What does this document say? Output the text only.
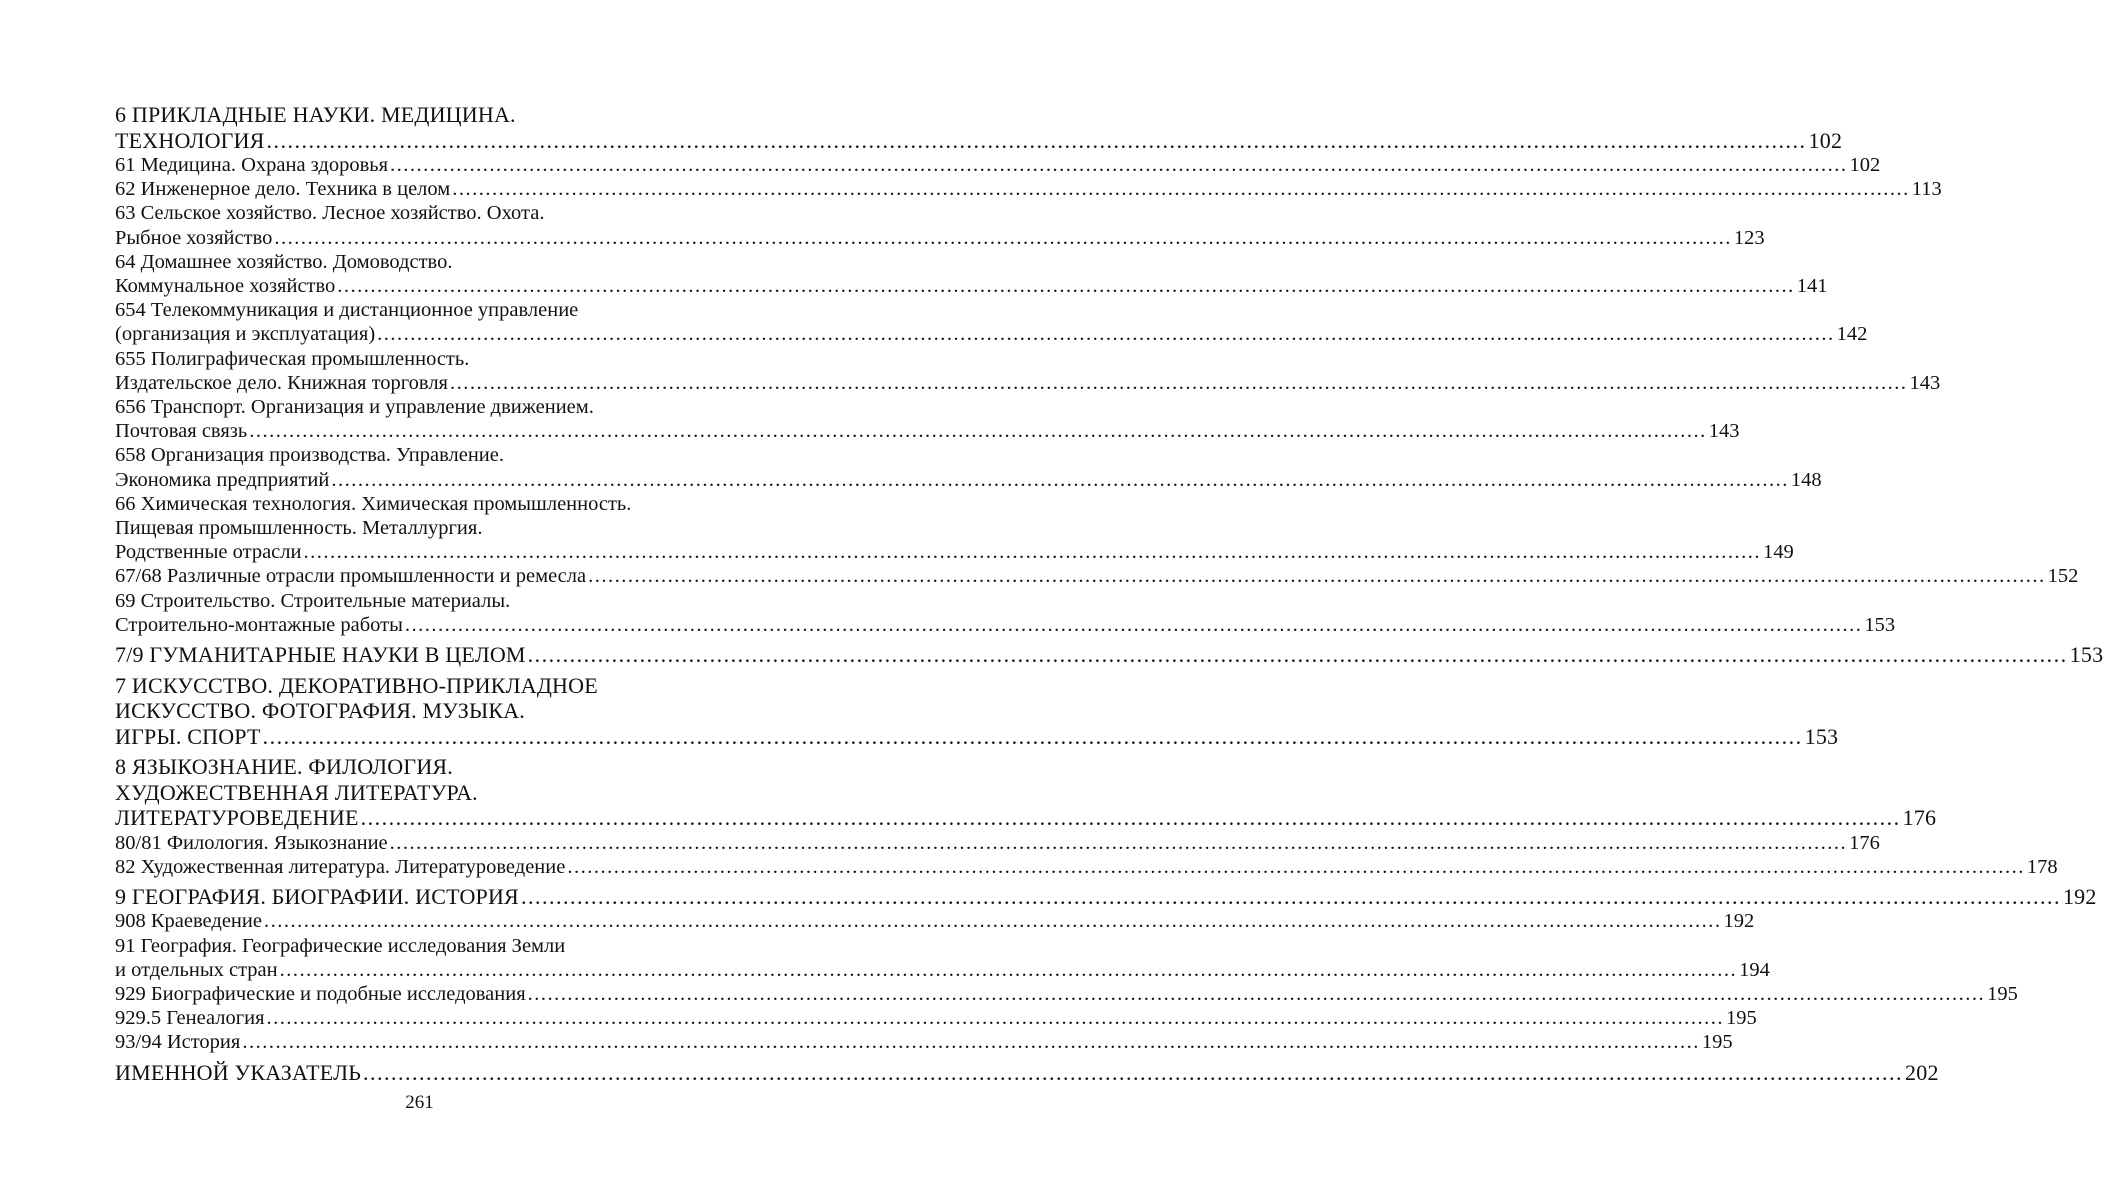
6 ПРИКЛАДНЫЕ НАУКИ. МЕДИЦИНА.
ТЕХНОЛОГИЯ ............................................................................................................................................................................................................................ 102
61 Медицина. Охрана здоровья ............................................................................................................................................................................................................................ 102
62 Инженерное дело. Техника в целом ............................................................................................................................................................................................................................ 113
63 Сельское хозяйство. Лесное хозяйство. Охота.
Рыбное хозяйство ............................................................................................................................................................................................................................ 123
64 Домашнее хозяйство. Домоводство.
Коммунальное хозяйство ............................................................................................................................................................................................................................ 141
654 Телекоммуникация и дистанционное управление
(организация и эксплуатация) ............................................................................................................................................................................................................................ 142
655 Полиграфическая промышленность.
Издательское дело. Книжная торговля ............................................................................................................................................................................................................................ 143
656 Транспорт. Организация и управление движением.
Почтовая связь ............................................................................................................................................................................................................................ 143
658 Организация производства. Управление.
Экономика предприятий ............................................................................................................................................................................................................................ 148
66 Химическая технология. Химическая промышленность.
Пищевая промышленность. Металлургия.
Родственные отрасли ............................................................................................................................................................................................................................ 149
67/68 Различные отрасли промышленности и ремесла ............................................................................................................................................................................................................................ 152
69 Строительство. Строительные материалы.
Строительно-монтажные работы ............................................................................................................................................................................................................................ 153
7/9 ГУМАНИТАРНЫЕ НАУКИ В ЦЕЛОМ ............................................................................................................................................................................................................................ 153
7 ИСКУССТВО. ДЕКОРАТИВНО-ПРИКЛАДНОЕ
ИСКУССТВО. ФОТОГРАФИЯ. МУЗЫКА.
ИГРЫ. СПОРТ ............................................................................................................................................................................................................................ 153
8 ЯЗЫКОЗНАНИЕ. ФИЛОЛОГИЯ.
ХУДОЖЕСТВЕННАЯ ЛИТЕРАТУРА.
ЛИТЕРАТУРОВЕДЕНИЕ ............................................................................................................................................................................................................................ 176
80/81 Филология. Языкознание ............................................................................................................................................................................................................................ 176
82 Художественная литература. Литературоведение ............................................................................................................................................................................................................................ 178
9 ГЕОГРАФИЯ. БИОГРАФИИ. ИСТОРИЯ ............................................................................................................................................................................................................................ 192
908 Краеведение ............................................................................................................................................................................................................................ 192
91 География. Географические исследования Земли
и отдельных стран ............................................................................................................................................................................................................................ 194
929 Биографические и подобные исследования ............................................................................................................................................................................................................................ 195
929.5 Генеалогия ............................................................................................................................................................................................................................ 195
93/94 История ............................................................................................................................................................................................................................ 195
ИМЕННОЙ УКАЗАТЕЛЬ ............................................................................................................................................................................................................................ 202
261
